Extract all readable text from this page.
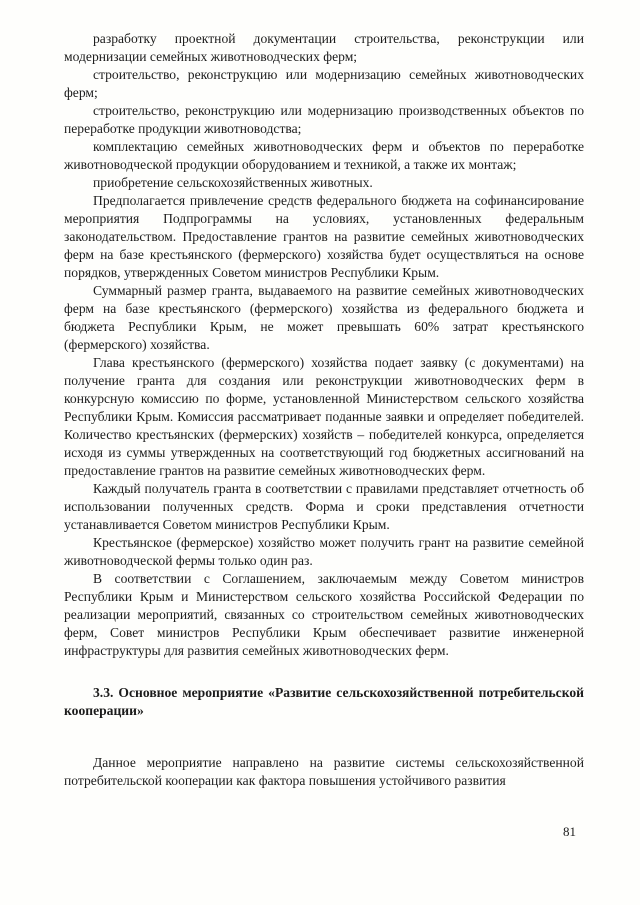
разработку проектной документации строительства, реконструкции или модернизации семейных животноводческих ферм;

строительство, реконструкцию или модернизацию семейных животноводческих ферм;

строительство, реконструкцию или модернизацию производственных объектов по переработке продукции животноводства;

комплектацию семейных животноводческих ферм и объектов по переработке животноводческой продукции оборудованием и техникой, а также их монтаж;

приобретение сельскохозяйственных животных.

Предполагается привлечение средств федерального бюджета на софинансирование мероприятия Подпрограммы на условиях, установленных федеральным законодательством. Предоставление грантов на развитие семейных животноводческих ферм на базе крестьянского (фермерского) хозяйства будет осуществляться на основе порядков, утвержденных Советом министров Республики Крым.

Суммарный размер гранта, выдаваемого на развитие семейных животноводческих ферм на базе крестьянского (фермерского) хозяйства из федерального бюджета и бюджета Республики Крым, не может превышать 60% затрат крестьянского (фермерского) хозяйства.

Глава крестьянского (фермерского) хозяйства подает заявку (с документами) на получение гранта для создания или реконструкции животноводческих ферм в конкурсную комиссию по форме, установленной Министерством сельского хозяйства Республики Крым. Комиссия рассматривает поданные заявки и определяет победителей. Количество крестьянских (фермерских) хозяйств – победителей конкурса, определяется исходя из суммы утвержденных на соответствующий год бюджетных ассигнований на предоставление грантов на развитие семейных животноводческих ферм.

Каждый получатель гранта в соответствии с правилами представляет отчетность об использовании полученных средств. Форма и сроки представления отчетности устанавливается Советом министров Республики Крым.

Крестьянское (фермерское) хозяйство может получить грант на развитие семейной животноводческой фермы только один раз.

В соответствии с Соглашением, заключаемым между Советом министров Республики Крым и Министерством сельского хозяйства Российской Федерации по реализации мероприятий, связанных со строительством семейных животноводческих ферм, Совет министров Республики Крым обеспечивает развитие инженерной инфраструктуры для развития семейных животноводческих ферм.

3.3. Основное мероприятие «Развитие сельскохозяйственной потребительской кооперации»

Данное мероприятие направлено на развитие системы сельскохозяйственной потребительской кооперации как фактора повышения устойчивого развития

81
